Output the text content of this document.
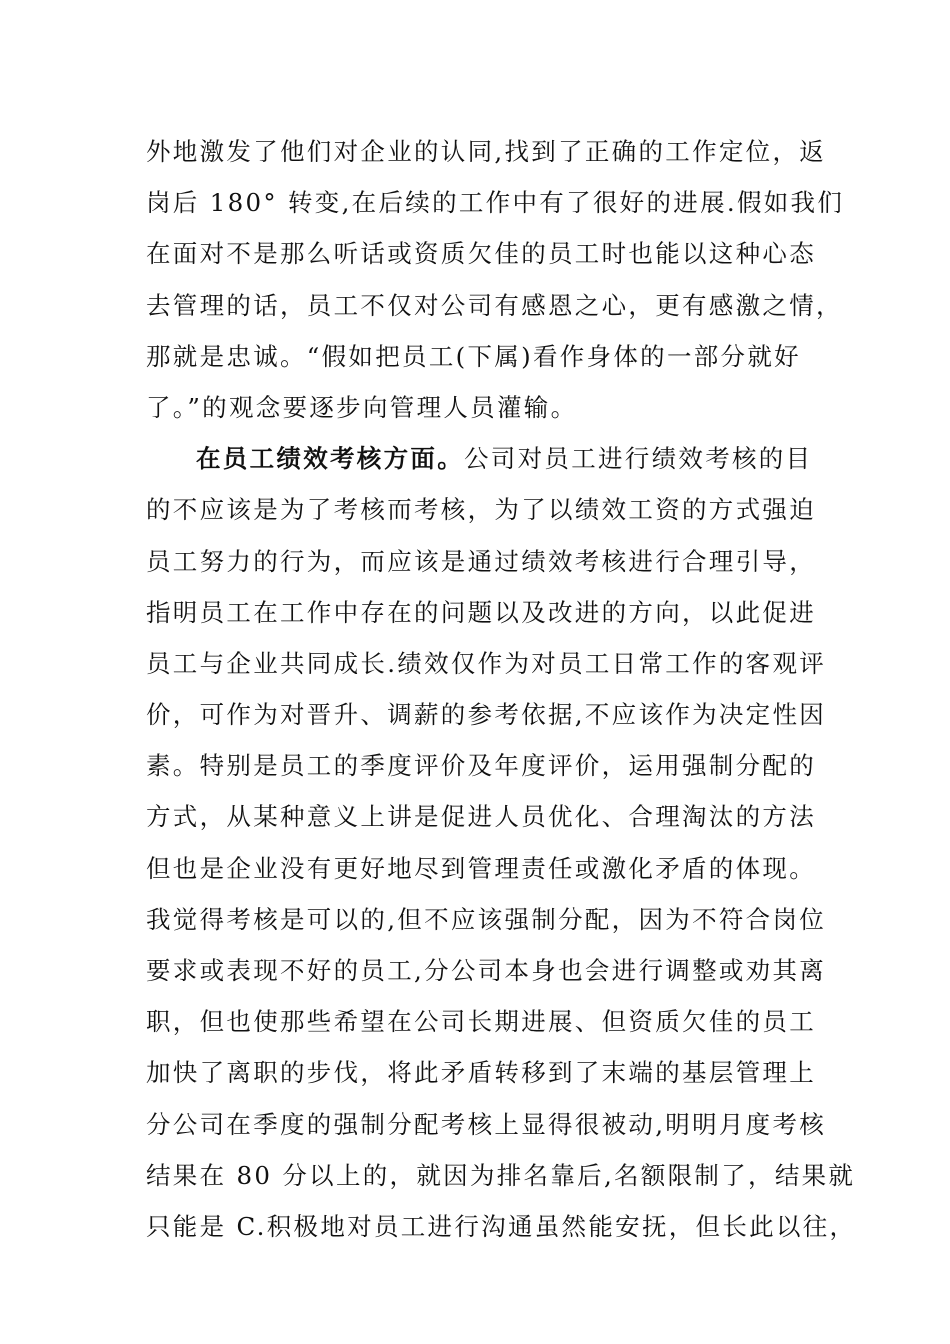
外地激发了他们对企业的认同,找到了正确的工作定位，返
岗后 180° 转变,在后续的工作中有了很好的进展.假如我们
在面对不是那么听话或资质欠佳的员工时也能以这种心态
去管理的话，员工不仅对公司有感恩之心，更有感激之情，
那就是忠诚。“假如把员工(下属)看作身体的一部分就好
了。”的观念要逐步向管理人员灌输。
在员工绩效考核方面。公司对员工进行绩效考核的目
的不应该是为了考核而考核，为了以绩效工资的方式强迫
员工努力的行为，而应该是通过绩效考核进行合理引导，
指明员工在工作中存在的问题以及改进的方向，以此促进
员工与企业共同成长.绩效仅作为对员工日常工作的客观评
价，可作为对晋升、调薪的参考依据,不应该作为决定性因
素。特别是员工的季度评价及年度评价，运用强制分配的
方式，从某种意义上讲是促进人员优化、合理淘汰的方法
但也是企业没有更好地尽到管理责任或激化矛盾的体现。
我觉得考核是可以的,但不应该强制分配，因为不符合岗位
要求或表现不好的员工,分公司本身也会进行调整或劝其离
职，但也使那些希望在公司长期进展、但资质欠佳的员工
加快了离职的步伐，将此矛盾转移到了末端的基层管理上
分公司在季度的强制分配考核上显得很被动,明明月度考核
结果在 80 分以上的，就因为排名靠后,名额限制了，结果就
只能是 C.积极地对员工进行沟通虽然能安抚，但长此以往，
